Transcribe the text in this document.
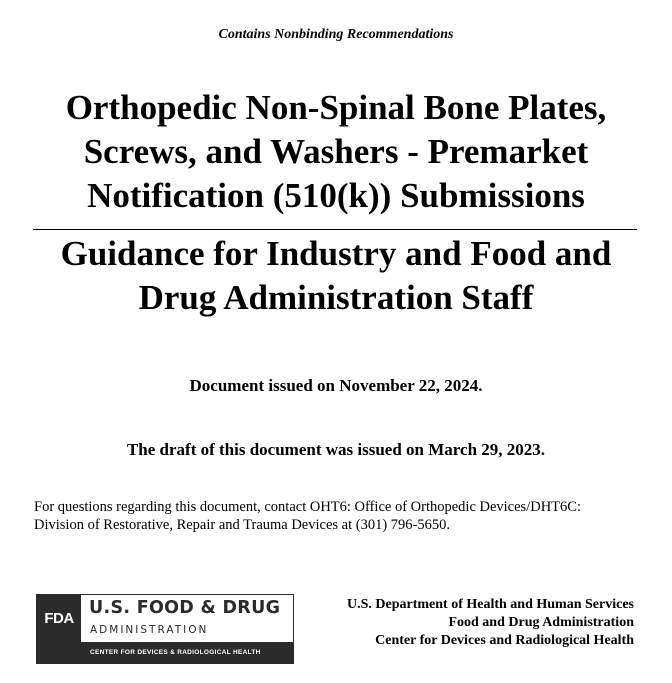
Contains Nonbinding Recommendations
Orthopedic Non-Spinal Bone Plates,
Screws, and Washers - Premarket
Notification (510(k)) Submissions
Guidance for Industry and Food and
Drug Administration Staff
Document issued on November 22, 2024.
The draft of this document was issued on March 29, 2023.
For questions regarding this document, contact OHT6: Office of Orthopedic Devices/DHT6C:
Division of Restorative, Repair and Trauma Devices at (301) 796-5650.
FDA
U.S. FOOD & DRUG
ADMINISTRATION
CENTER FOR DEVICES & RADIOLOGICAL HEALTH
U.S. Department of Health and Human Services
Food and Drug Administration
Center for Devices and Radiological Health
